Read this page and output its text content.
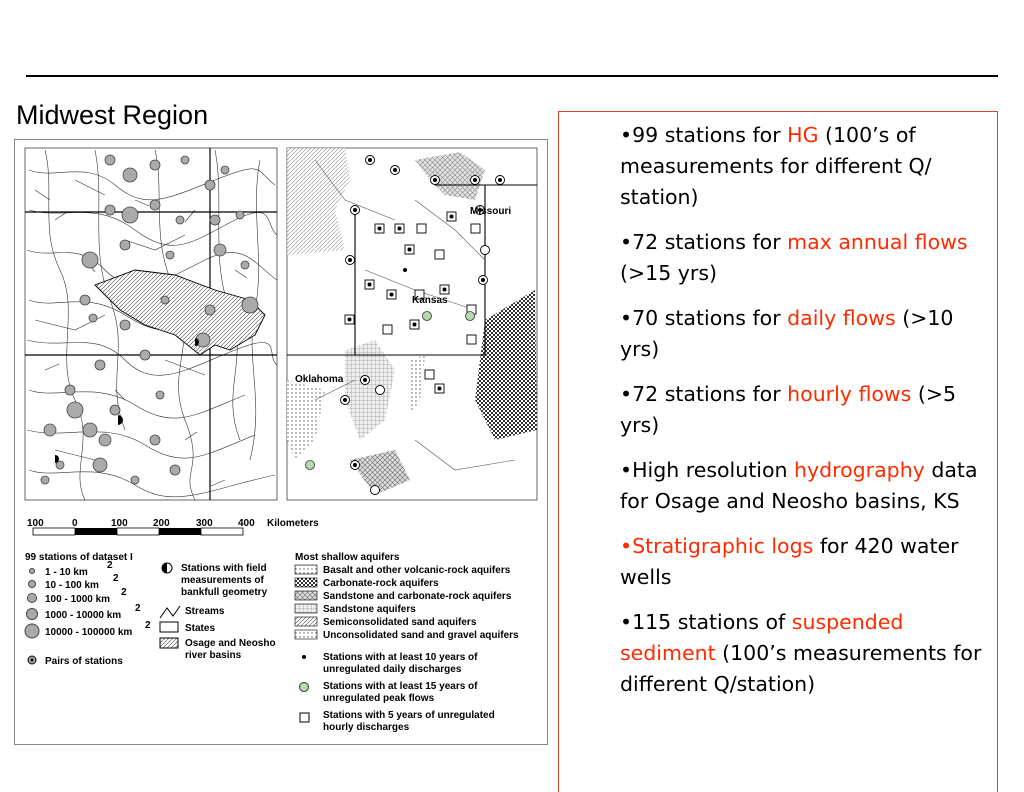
Midwest Region
Missouri
Kansas
Oklahoma
100	0	100	200	300	400 Kilometers
99 stations of dataset I
1 - 10 km
2
10 - 100 km
2
100 - 1000 km
2
1000 - 10000 km
2
10000 - 100000 km
2
Pairs of stations
Stations with field
measurements of
bankfull geometry
Streams
States
Osage and Neosho
river basins
Most shallow aquifers
Basalt and other volcanic-rock aquifers
Carbonate-rock aquifers
Sandstone and carbonate-rock aquifers
Sandstone aquifers
Semiconsolidated sand aquifers
Unconsolidated sand and gravel aquifers
Stations with at least 10 years of
unregulated daily discharges
Stations with at least 15 years of
unregulated peak flows
Stations with 5 years of unregulated
hourly discharges

•99 stations for HG (100’s of measurements for different Q/ station)

•72 stations for max annual flows (>15 yrs)

•70 stations for daily flows (>10 yrs)

•72 stations for hourly flows (>5 yrs)

•High resolution hydrography data for Osage and Neosho basins, KS

•Stratigraphic logs for 420 water wells

•115 stations of suspended sediment (100’s measurements for different Q/station)
